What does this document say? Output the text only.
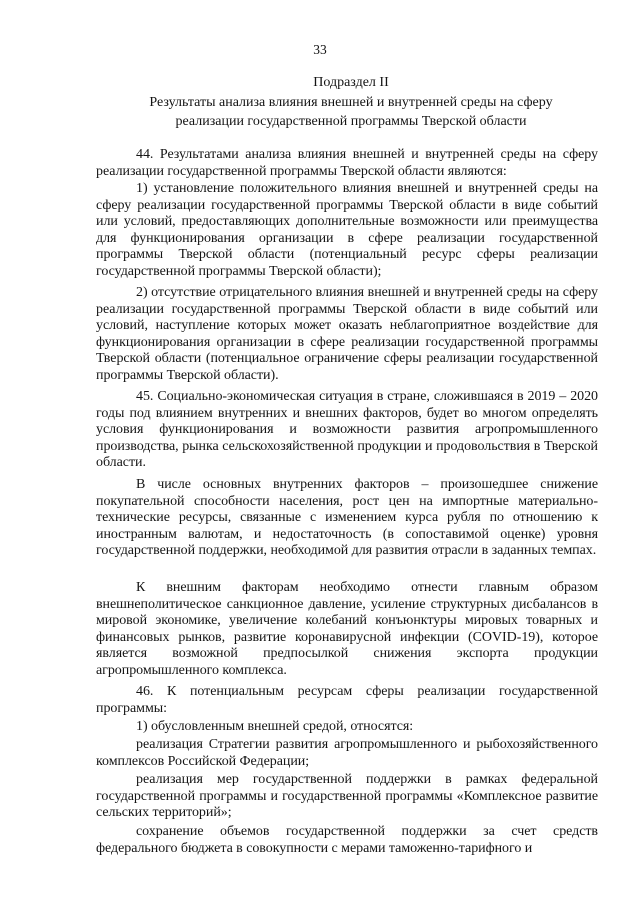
33
Подраздел II
Результаты анализа влияния внешней и внутренней среды на сферу
реализации государственной программы Тверской области

44. Результатами анализа влияния внешней и внутренней среды на сферу реализации государственной программы Тверской области являются:

1) установление положительного влияния внешней и внутренней среды на сферу реализации государственной программы Тверской области в виде событий или условий, предоставляющих дополнительные возможности или преимущества для функционирования организации в сфере реализации государственной программы Тверской области (потенциальный ресурс сферы реализации государственной программы Тверской области);

2) отсутствие отрицательного влияния внешней и внутренней среды на сферу реализации государственной программы Тверской области в виде событий или условий, наступление которых может оказать неблагоприятное воздействие для функционирования организации в сфере реализации государственной программы Тверской области (потенциальное ограничение сферы реализации государственной программы Тверской области).

45. Социально-экономическая ситуация в стране, сложившаяся в 2019 – 2020 годы под влиянием внутренних и внешних факторов, будет во многом определять условия функционирования и возможности развития агропромышленного производства, рынка сельскохозяйственной продукции и продовольствия в Тверской области.

В числе основных внутренних факторов – произошедшее снижение покупательной способности населения, рост цен на импортные материально-технические ресурсы, связанные с изменением курса рубля по отношению к иностранным валютам, и недостаточность (в сопоставимой оценке) уровня государственной поддержки, необходимой для развития отрасли в заданных темпах.

К внешним факторам необходимо отнести главным образом внешнеполитическое санкционное давление, усиление структурных дисбалансов в мировой экономике, увеличение колебаний конъюнктуры мировых товарных и финансовых рынков, развитие коронавирусной инфекции (COVID-19), которое является возможной предпосылкой снижения экспорта продукции агропромышленного комплекса.

46. К потенциальным ресурсам сферы реализации государственной программы:

1) обусловленным внешней средой, относятся:

реализация Стратегии развития агропромышленного и рыбохозяйственного комплексов Российской Федерации;

реализация мер государственной поддержки в рамках федеральной государственной программы и государственной программы «Комплексное развитие сельских территорий»;

сохранение объемов государственной поддержки за счет средств федерального бюджета в совокупности с мерами таможенно-тарифного и
